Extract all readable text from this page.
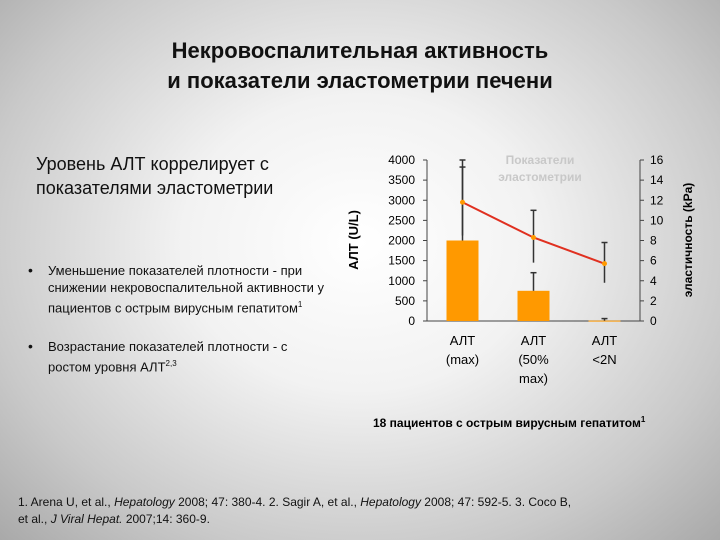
Некровоспалительная активность
и показатели эластометрии печени
Уровень АЛТ коррелирует с показателями эластометрии
• Уменьшение показателей плотности - при снижении некровоспалительной активности у пациентов с острым вирусным гепатитом$^1$
• Возрастание показателей плотности - с ростом уровня АЛТ$^{2,3}$
0
500
1000
1500
2000
2500
3000
3500
4000
0
2
4
6
8
10
12
14
16
АЛТ (U/L)	эластичность (kPa)
Показатели
эластометрии
АЛТ
(max)
АЛТ
(50%
max)
АЛТ
<2N
18 пациентов с острым вирусным гепатитом$^1$
1. Arena U, et al., Hepatology 2008; 47: 380-4. 2. Sagir A, et al., Hepatology 2008; 47: 592-5. 3. Coco B, et al., J Viral Hepat. 2007;14: 360-9.
